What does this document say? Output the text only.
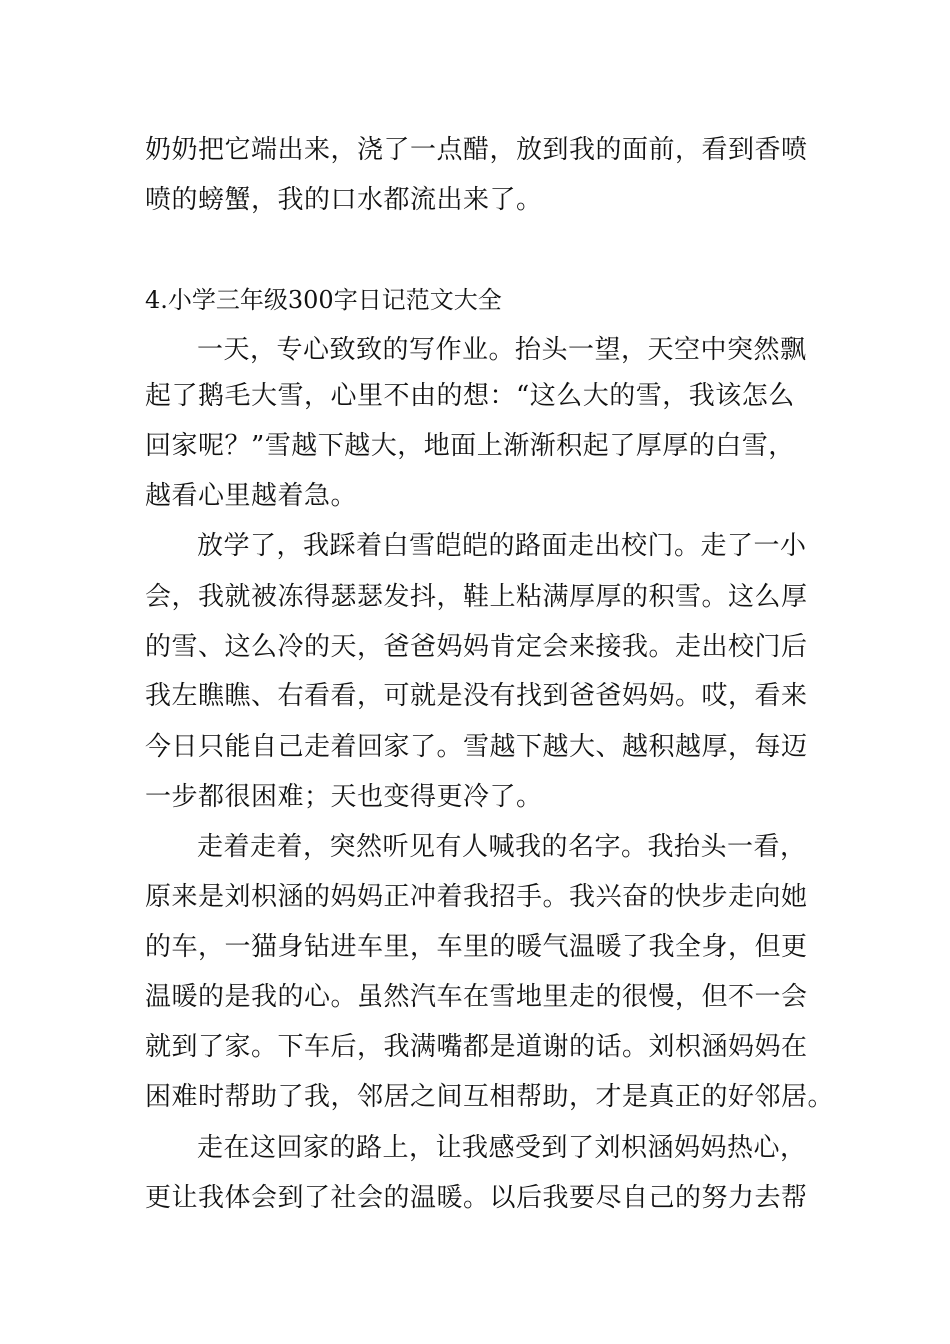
奶奶把它端出来，浇了一点醋，放到我的面前，看到香喷
喷的螃蟹，我的口水都流出来了。
4.小学三年级300字日记范文大全
一天，专心致致的写作业。抬头一望，天空中突然飘
起了鹅毛大雪，心里不由的想：“这么大的雪，我该怎么
回家呢？”雪越下越大，地面上渐渐积起了厚厚的白雪，
越看心里越着急。
放学了，我踩着白雪皑皑的路面走出校门。走了一小
会，我就被冻得瑟瑟发抖，鞋上粘满厚厚的积雪。这么厚
的雪、这么冷的天，爸爸妈妈肯定会来接我。走出校门后
我左瞧瞧、右看看，可就是没有找到爸爸妈妈。哎，看来
今日只能自己走着回家了。雪越下越大、越积越厚，每迈
一步都很困难；天也变得更冷了。
走着走着，突然听见有人喊我的名字。我抬头一看，
原来是刘枳涵的妈妈正冲着我招手。我兴奋的快步走向她
的车，一猫身钻进车里，车里的暖气温暖了我全身，但更
温暖的是我的心。虽然汽车在雪地里走的很慢，但不一会
就到了家。下车后，我满嘴都是道谢的话。刘枳涵妈妈在
困难时帮助了我，邻居之间互相帮助，才是真正的好邻居。
走在这回家的路上，让我感受到了刘枳涵妈妈热心，
更让我体会到了社会的温暖。以后我要尽自己的努力去帮
